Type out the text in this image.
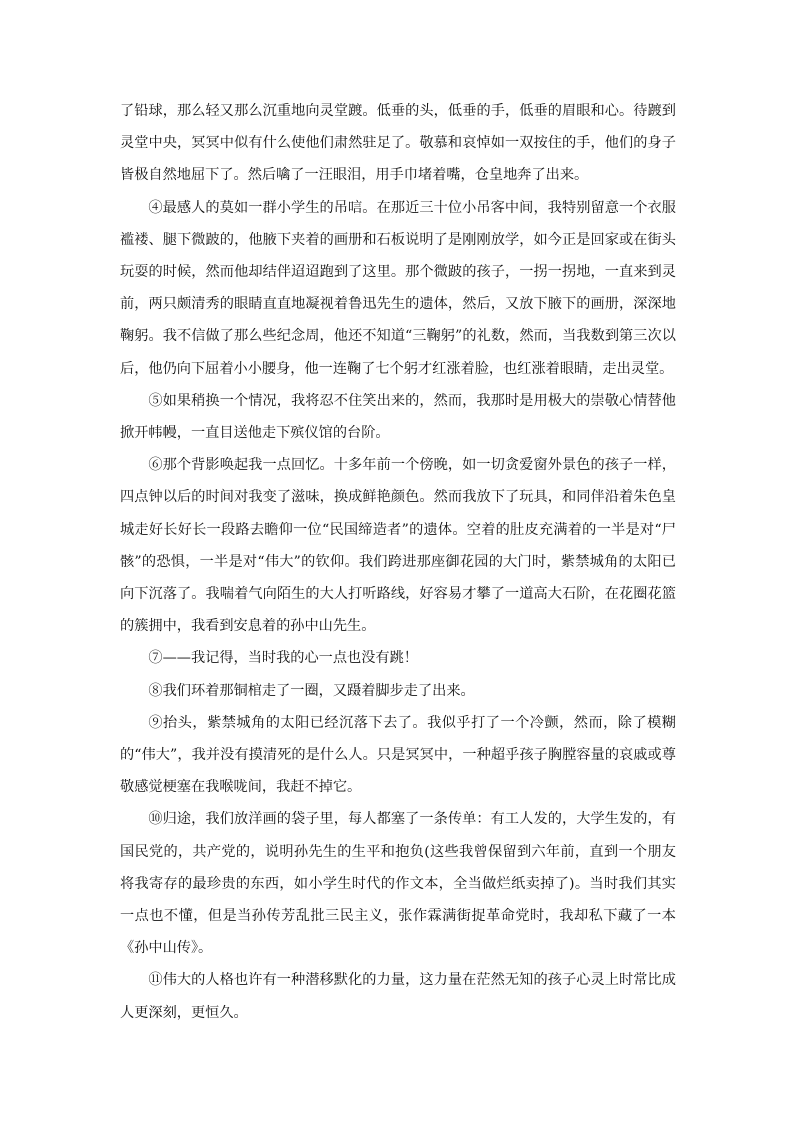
了铅球，那么轻又那么沉重地向灵堂踱。低垂的头，低垂的手，低垂的眉眼和心。待踱到灵堂中央，冥冥中似有什么使他们肃然驻足了。敬慕和哀悼如一双按住的手，他们的身子皆极自然地屈下了。然后噙了一汪眼泪，用手巾堵着嘴，仓皇地奔了出来。

④最感人的莫如一群小学生的吊唁。在那近三十位小吊客中间，我特别留意一个衣服褴褛、腿下微跛的，他腋下夹着的画册和石板说明了是刚刚放学，如今正是回家或在街头玩耍的时候，然而他却结伴迢迢跑到了这里。那个微跛的孩子，一拐一拐地，一直来到灵前，两只颇清秀的眼睛直直地凝视着鲁迅先生的遗体，然后，又放下腋下的画册，深深地鞠躬。我不信做了那么些纪念周，他还不知道“三鞠躬”的礼数，然而，当我数到第三次以后，他仍向下屈着小小腰身，他一连鞠了七个躬才红涨着脸，也红涨着眼睛，走出灵堂。

⑤如果稍换一个情况，我将忍不住笑出来的，然而，我那时是用极大的崇敬心情替他掀开帏幔，一直目送他走下殡仪馆的台阶。

⑥那个背影唤起我一点回忆。十多年前一个傍晚，如一切贪爱窗外景色的孩子一样，四点钟以后的时间对我变了滋味，换成鲜艳颜色。然而我放下了玩具，和同伴沿着朱色皇城走好长好长一段路去瞻仰一位“民国缔造者”的遗体。空着的肚皮充满着的一半是对“尸骸”的恐惧，一半是对“伟大”的钦仰。我们跨进那座御花园的大门时，紫禁城角的太阳已向下沉落了。我喘着气向陌生的大人打听路线，好容易才攀了一道高大石阶，在花圈花篮的簇拥中，我看到安息着的孙中山先生。

⑦——我记得，当时我的心一点也没有跳！

⑧我们环着那铜棺走了一圈，又蹑着脚步走了出来。

⑨抬头，紫禁城角的太阳已经沉落下去了。我似乎打了一个冷颤，然而，除了模糊的“伟大”，我并没有摸清死的是什么人。只是冥冥中，一种超乎孩子胸膛容量的哀戚或尊敬感觉梗塞在我喉咙间，我赶不掉它。

⑩归途，我们放洋画的袋子里，每人都塞了一条传单：有工人发的，大学生发的，有国民党的，共产党的，说明孙先生的生平和抱负(这些我曾保留到六年前，直到一个朋友将我寄存的最珍贵的东西，如小学生时代的作文本，全当做烂纸卖掉了)。当时我们其实一点也不懂，但是当孙传芳乱批三民主义，张作霖满街捉革命党时，我却私下藏了一本《孙中山传》。

⑪伟大的人格也许有一种潜移默化的力量，这力量在茫然无知的孩子心灵上时常比成人更深刻，更恒久。
